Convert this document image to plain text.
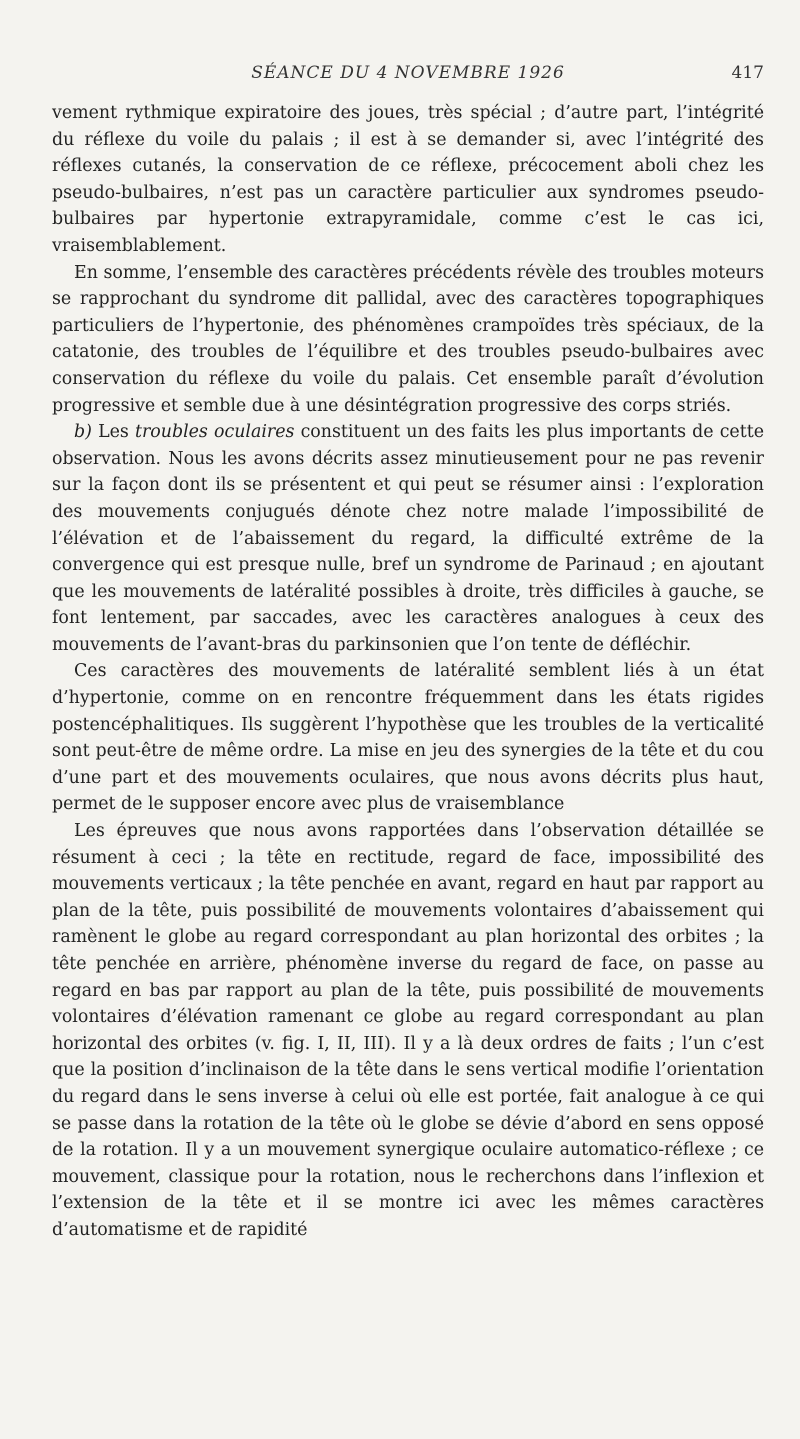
SÉANCE DU 4 NOVEMBRE 1926	417

vement rythmique expiratoire des joues, très spécial ; d’autre part, l’intégrité du réflexe du voile du palais ; il est à se demander si, avec l’intégrité des réflexes cutanés, la conservation de ce réflexe, précocement aboli chez les pseudo-bulbaires, n’est pas un caractère particulier aux syndromes pseudo-bulbaires par hypertonie extrapyramidale, comme c’est le cas ici, vraisemblablement.

En somme, l’ensemble des caractères précédents révèle des troubles moteurs se rapprochant du syndrome dit pallidal, avec des caractères topographiques particuliers de l’hypertonie, des phénomènes crampoïdes très spéciaux, de la catatonie, des troubles de l’équilibre et des troubles pseudo-bulbaires avec conservation du réflexe du voile du palais. Cet ensemble paraît d’évolution progressive et semble due à une désintégration progressive des corps striés.

b) Les troubles oculaires constituent un des faits les plus importants de cette observation. Nous les avons décrits assez minutieusement pour ne pas revenir sur la façon dont ils se présentent et qui peut se résumer ainsi : l’exploration des mouvements conjugués dénote chez notre malade l’impossibilité de l’élévation et de l’abaissement du regard, la difficulté extrême de la convergence qui est presque nulle, bref un syndrome de Parinaud ; en ajoutant que les mouvements de latéralité possibles à droite, très difficiles à gauche, se font lentement, par saccades, avec les caractères analogues à ceux des mouvements de l’avant-bras du parkinsonien que l’on tente de défléchir.

Ces caractères des mouvements de latéralité semblent liés à un état d’hypertonie, comme on en rencontre fréquemment dans les états rigides postencéphalitiques. Ils suggèrent l’hypothèse que les troubles de la verticalité sont peut-être de même ordre. La mise en jeu des synergies de la tête et du cou d’une part et des mouvements oculaires, que nous avons décrits plus haut, permet de le supposer encore avec plus de vraisemblance

Les épreuves que nous avons rapportées dans l’observation détaillée se résument à ceci ; la tête en rectitude, regard de face, impossibilité des mouvements verticaux ; la tête penchée en avant, regard en haut par rapport au plan de la tête, puis possibilité de mouvements volontaires d’abaissement qui ramènent le globe au regard correspondant au plan horizontal des orbites ; la tête penchée en arrière, phénomène inverse du regard de face, on passe au regard en bas par rapport au plan de la tête, puis possibilité de mouvements volontaires d’élévation ramenant ce globe au regard correspondant au plan horizontal des orbites (v. fig. I, II, III). Il y a là deux ordres de faits ; l’un c’est que la position d’inclinaison de la tête dans le sens vertical modifie l’orientation du regard dans le sens inverse à celui où elle est portée, fait analogue à ce qui se passe dans la rotation de la tête où le globe se dévie d’abord en sens opposé de la rotation. Il y a un mouvement synergique oculaire automatico-réflexe ; ce mouvement, classique pour la rotation, nous le recherchons dans l’inflexion et l’extension de la tête et il se montre ici avec les mêmes caractères d’automatisme et de rapidité
